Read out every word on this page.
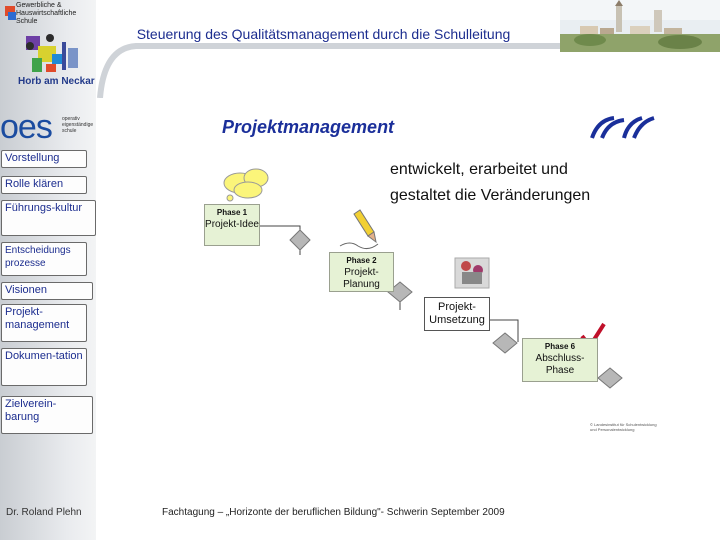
Gewerbliche & Hauswirtschaftliche Schule
Horb am Neckar
oes operativ eigenständige schule
Vorstellung
Rolle klären
Führungs-kultur
Entscheidungs prozesse
Visionen
Projekt-management
Dokumen-tation
Zielverein-barung
Dr. Roland Plehn
Steuerung des Qualitätsmanagement durch die Schulleitung
Projektmanagement
entwickelt, erarbeitet und
gestaltet die Veränderungen
Phase 1
Projekt-Idee
Phase 2
Projekt-Planung
Projekt-Umsetzung
Phase 6
Abschluss-Phase
© Landesinstitut für Schulentwicklung und Personalentwicklung
Fachtagung – „Horizonte der beruflichen Bildung"- Schwerin September 2009
